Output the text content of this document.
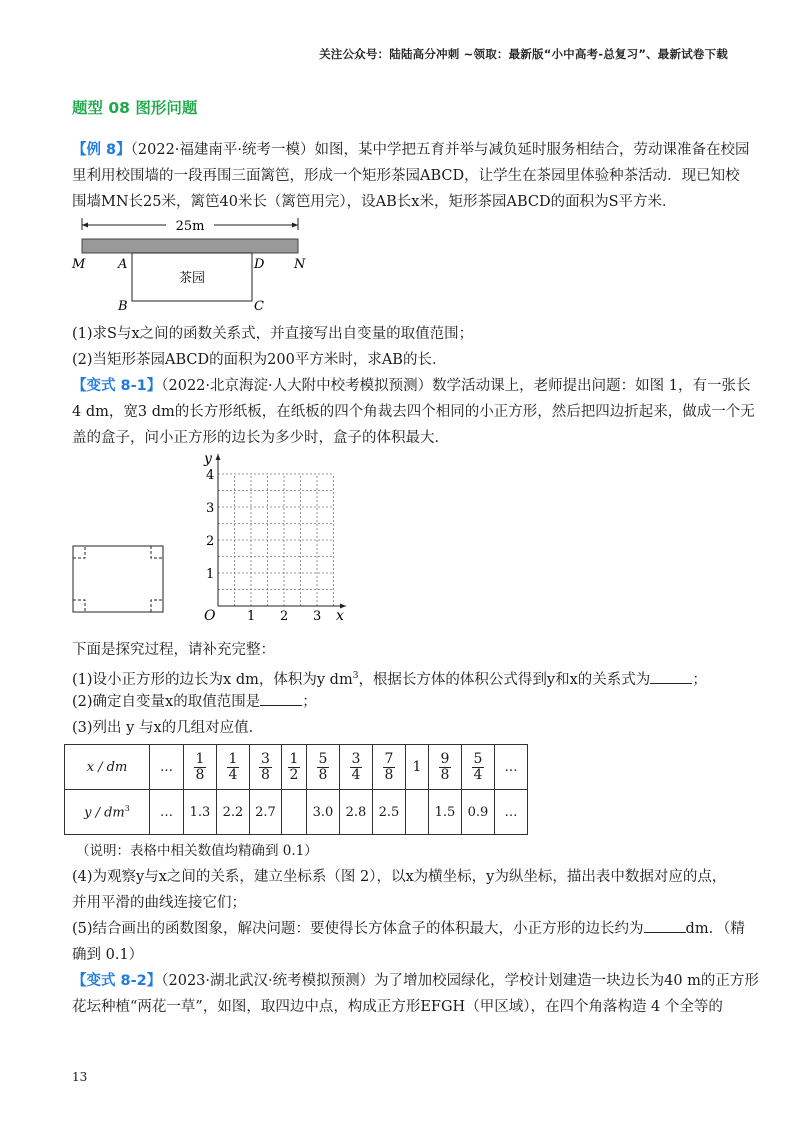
关注公众号：陆陆高分冲刺 ~领取：最新版“小中高考-总复习”、最新试卷下载
题型 08 图形问题
【例 8】（2022·福建南平·统考一模）如图，某中学把五育并举与减负延时服务相结合，劳动课准备在校园
里利用校围墙的一段再围三面篱笆，形成一个矩形茶园ABCD，让学生在茶园里体验种茶活动．现已知校
围墙MN长25米，篱笆40米长（篱笆用完），设AB长x米，矩形茶园ABCD的面积为S平方米．
25m
茶园
M	A	D N
B	C
(1)求S与x之间的函数关系式，并直接写出自变量的取值范围；
(2)当矩形茶园ABCD的面积为200平方米时，求AB的长．
【变式 8-1】（2022·北京海淀·人大附中校考模拟预测）数学活动课上，老师提出问题：如图 1，有一张长
4 dm，宽3 dm的长方形纸板，在纸板的四个角裁去四个相同的小正方形，然后把四边折起来，做成一个无
盖的盒子，问小正方形的边长为多少时，盒子的体积最大．
1
2
3
4
1 2 3
y
x
O
下面是探究过程，请补充完整：
(1)设小正方形的边长为x dm，体积为y $dm^3$，根据长方体的体积公式得到y和x的关系式为	；
(2)确定自变量x的取值范围是	；
(3)列出 y 与x的几组对应值．
x / dm	…	$\frac{1}{8}$	$\frac{1}{4}$	$\frac{3}{8}$	$\frac{1}{2}$	$\frac{5}{8}$	$\frac{3}{4}$	$\frac{7}{8}$	1	$\frac{9}{8}$	$\frac{5}{4}$	…
y / $dm^3$	…	1.3	2.2	2.7		3.0	2.8	2.5		1.5	0.9	…
（说明：表格中相关数值均精确到 0.1）
(4)为观察y与x之间的关系，建立坐标系（图 2），以x为横坐标，y为纵坐标，描出表中数据对应的点，
并用平滑的曲线连接它们；
(5)结合画出的函数图象，解决问题：要使得长方体盒子的体积最大，小正方形的边长约为	dm．（精
确到 0.1）
【变式 8-2】（2023·湖北武汉·统考模拟预测）为了增加校园绿化，学校计划建造一块边长为40 m的正方形
花坛种植“两花一草”，如图，取四边中点，构成正方形EFGH（甲区域），在四个角落构造 4 个全等的
13
